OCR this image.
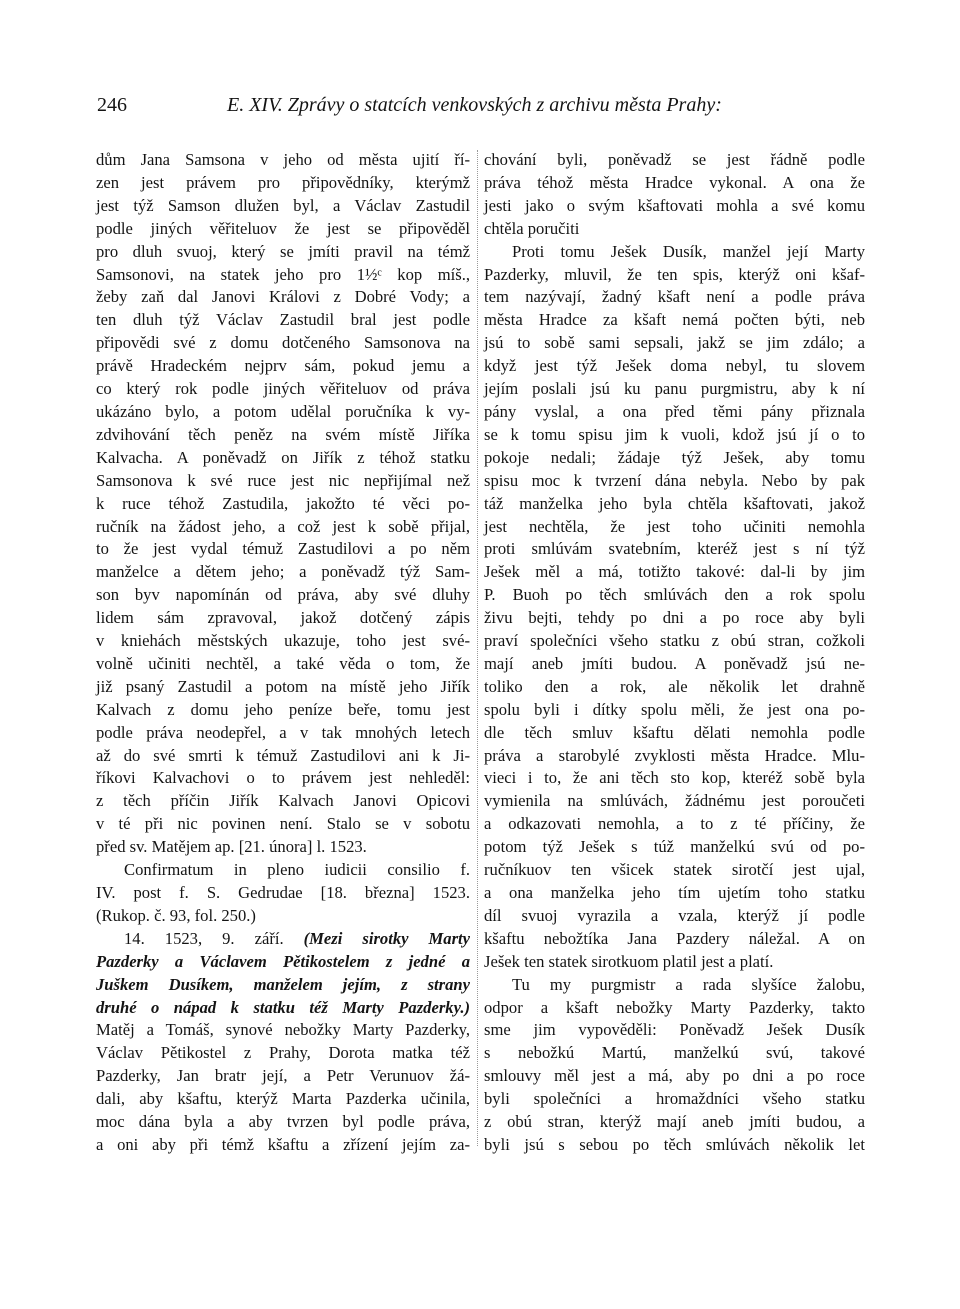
246	E. XIV. Zprávy o statcích venkovských z archivu města Prahy:
dům Jana Samsona v jeho od města ujití ří-
zen jest právem pro připovědníky, kterýmž
jest týž Samson dlužen byl, a Václav Zastudil
podle jiných věřiteluov že jest se připověděl
pro dluh svuoj, který se jmíti pravil na témž
Samsonovi, na statek jeho pro 1½ᶜ kop míš.,
žeby zaň dal Janovi Královi z Dobré Vody; a
ten dluh týž Václav Zastudil bral jest podle
připovědi své z domu dotčeného Samsonova na
právě Hradeckém nejprv sám, pokud jemu a
co který rok podle jiných věřiteluov od práva
ukázáno bylo, a potom udělal poručníka k vy-
zdvihování těch peněz na svém místě Jiříka
Kalvacha. A poněvadž on Jiřík z téhož statku
Samsonova k své ruce jest nic nepřijímal než
k ruce téhož Zastudila, jakožto té věci po-
ručník na žádost jeho, a což jest k sobě přijal,
to že jest vydal témuž Zastudilovi a po něm
manželce a dětem jeho; a poněvadž týž Sam-
son byv napomínán od práva, aby své dluhy
lidem sám zpravoval, jakož dotčený zápis
v kniehách městských ukazuje, toho jest své-
volně učiniti nechtěl, a také věda o tom, že
již psaný Zastudil a potom na místě jeho Jiřík
Kalvach z domu jeho peníze beře, tomu jest
podle práva neodepřel, a v tak mnohých letech
až do své smrti k témuž Zastudilovi ani k Ji-
říkovi Kalvachovi o to právem jest nehleděl:
z těch příčin Jiřík Kalvach Janovi Opicovi
v té při nic povinen není. Stalo se v sobotu
před sv. Matějem ap. [21. února] l. 1523.
Confirmatum in pleno iudicii consilio f.
IV. post f. S. Gedrudae [18. března] 1523.
(Rukop. č. 93, fol. 250.)
14. 1523, 9. září. (Mezi sirotky Marty
Pazderky a Václavem Pětikostelem z jedné a
Juškem Dusíkem, manželem jejím, z strany
druhé o nápad k statku též Marty Pazderky.)
Matěj a Tomáš, synové nebožky Marty Pazderky,
Václav Pětikostel z Prahy, Dorota matka též
Pazderky, Jan bratr její, a Petr Verunuov žá-
dali, aby kšaftu, kterýž Marta Pazderka učinila,
moc dána byla a aby tvrzen byl podle práva,
a oni aby při témž kšaftu a zřízení jejím za-
chování byli, poněvadž se jest řádně podle
práva téhož města Hradce vykonal. A ona že
jesti jako o svým kšaftovati mohla a své komu
chtěla poručiti
Proti tomu Ješek Dusík, manžel její Marty
Pazderky, mluvil, že ten spis, kterýž oni kšaf-
tem nazývají, žadný kšaft není a podle práva
města Hradce za kšaft nemá počten býti, neb
jsú to sobě sami sepsali, jakž se jim zdálo; a
když jest týž Ješek doma nebyl, tu slovem
jejím poslali jsú ku panu purgmistru, aby k ní
pány vyslal, a ona před těmi pány přiznala
se k tomu spisu jim k vuoli, kdož jsú jí o to
pokoje nedali; žádaje týž Ješek, aby tomu
spisu moc k tvrzení dána nebyla. Nebo by pak
táž manželka jeho byla chtěla kšaftovati, jakož
jest nechtěla, že jest toho učiniti nemohla
proti smlúvám svatebním, kteréž jest s ní týž
Ješek měl a má, totižto takové: dal-li by jim
P. Buoh po těch smlúvách den a rok spolu
živu bejti, tehdy po dni a po roce aby byli
praví společníci všeho statku z obú stran, cožkoli
mají aneb jmíti budou. A poněvadž jsú ne-
toliko den a rok, ale několik let drahně
spolu byli i dítky spolu měli, že jest ona po-
dle těch smluv kšaftu dělati nemohla podle
práva a starobylé zvyklosti města Hradce. Mlu-
vieci i to, že ani těch sto kop, kteréž sobě byla
vymienila na smlúvách, žádnému jest poroučeti
a odkazovati nemohla, a to z té příčiny, že
potom týž Ješek s túž manželkú svú od po-
ručníkuov ten všicek statek sirotčí jest ujal,
a ona manželka jeho tím ujetím toho statku
díl svuoj vyrazila a vzala, kterýž jí podle
kšaftu nebožtíka Jana Pazdery náležal. A on
Ješek ten statek sirotkuom platil jest a platí.
Tu my purgmistr a rada slyšíce žalobu,
odpor a kšaft nebožky Marty Pazderky, takto
sme jim vypověděli: Poněvadž Ješek Dusík
s nebožkú Martú, manželkú svú, takové
smlouvy měl jest a má, aby po dni a po roce
byli společníci a hromaždníci všeho statku
z obú stran, kterýž mají aneb jmíti budou, a
byli jsú s sebou po těch smlúvách několik let
